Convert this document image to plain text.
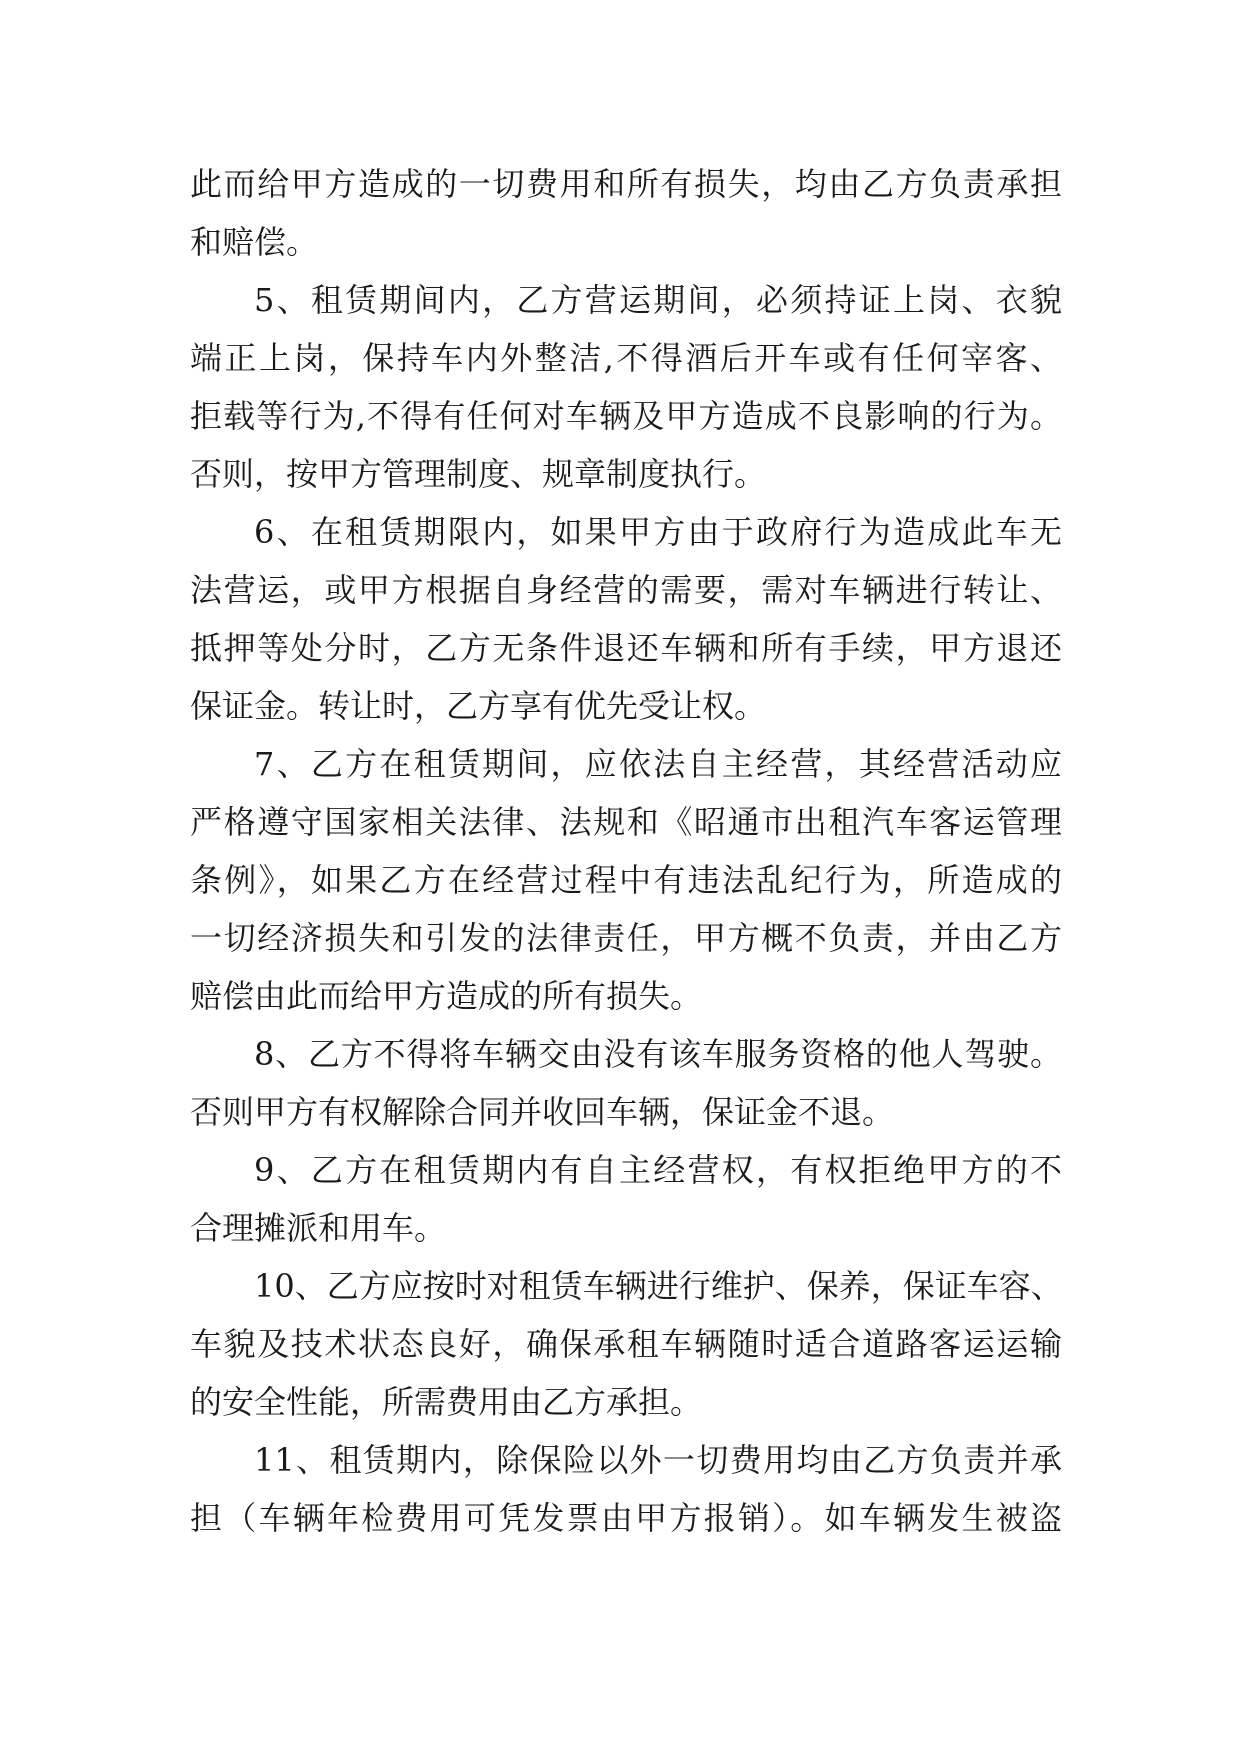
此而给甲方造成的一切费用和所有损失，均由乙方负责承担
和赔偿。
5、租赁期间内，乙方营运期间，必须持证上岗、衣貌
端正上岗，保持车内外整洁,不得酒后开车或有任何宰客、
拒载等行为,不得有任何对车辆及甲方造成不良影响的行为。
否则，按甲方管理制度、规章制度执行。
6、在租赁期限内，如果甲方由于政府行为造成此车无
法营运，或甲方根据自身经营的需要，需对车辆进行转让、
抵押等处分时，乙方无条件退还车辆和所有手续，甲方退还
保证金。转让时，乙方享有优先受让权。
7、乙方在租赁期间，应依法自主经营，其经营活动应
严格遵守国家相关法律、法规和《昭通市出租汽车客运管理
条例》，如果乙方在经营过程中有违法乱纪行为，所造成的
一切经济损失和引发的法律责任，甲方概不负责，并由乙方
赔偿由此而给甲方造成的所有损失。
8、乙方不得将车辆交由没有该车服务资格的他人驾驶。
否则甲方有权解除合同并收回车辆，保证金不退。
9、乙方在租赁期内有自主经营权，有权拒绝甲方的不
合理摊派和用车。
10、乙方应按时对租赁车辆进行维护、保养，保证车容、
车貌及技术状态良好，确保承租车辆随时适合道路客运运输
的安全性能，所需费用由乙方承担。
11、租赁期内，除保险以外一切费用均由乙方负责并承
担（车辆年检费用可凭发票由甲方报销）。如车辆发生被盗
